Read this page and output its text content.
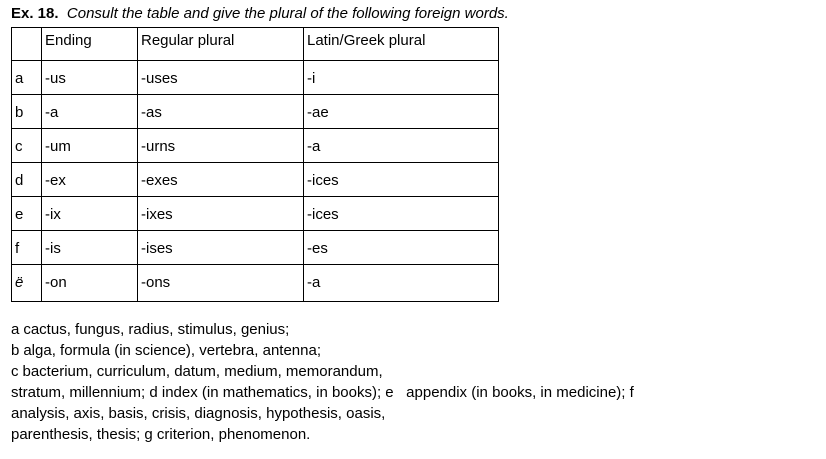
Ex. 18. Consult the table and give the plural of the following foreign words.
	Ending	Regular plural	Latin/Greek plural
a	-us	-uses	-i
b	-a	-as	-ae
c	-um	-urns	-a
d	-ex	-exes	-ices
e	-ix	-ixes	-ices
f	-is	-ises	-es
ë	-on	-ons	-a
a cactus, fungus, radius, stimulus, genius;
b alga, formula (in science), vertebra, antenna;
c bacterium, curriculum, datum, medium, memorandum,
stratum, millennium; d index (in mathematics, in books); e appendix (in books, in medicine); f
analysis, axis, basis, crisis, diagnosis, hypothesis, oasis,
parenthesis, thesis; g criterion, phenomenon.
